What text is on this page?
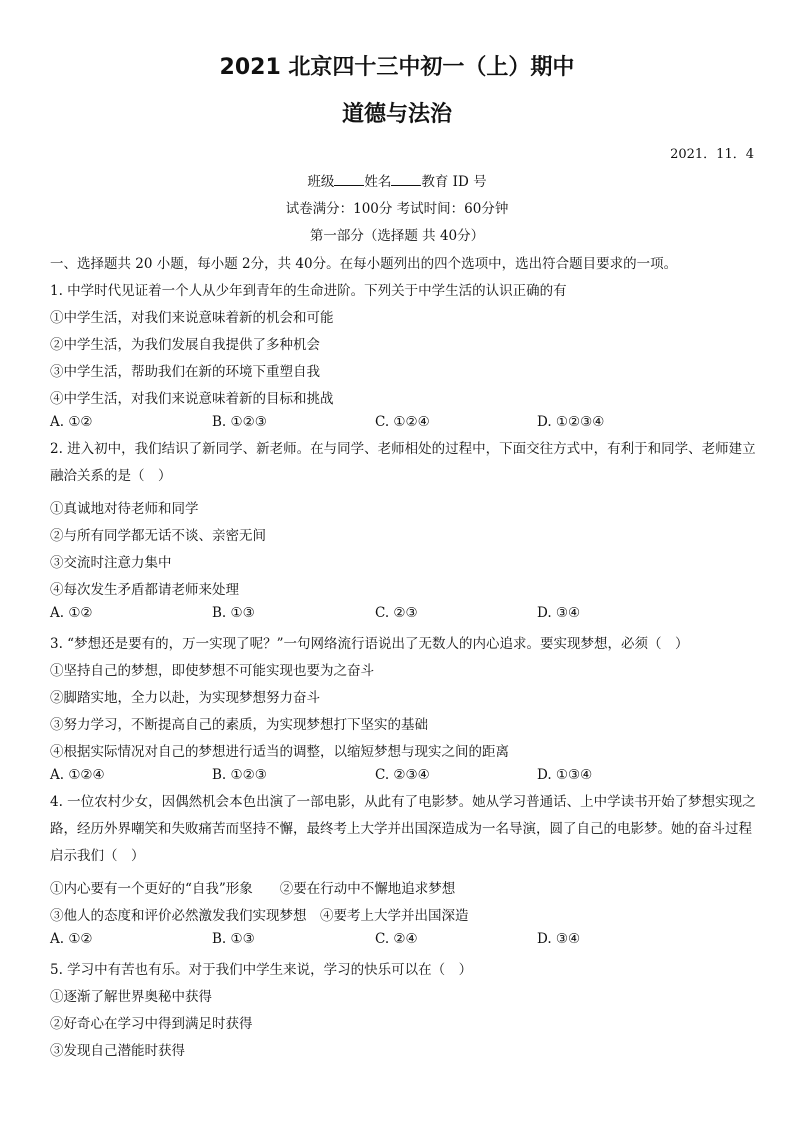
2021 北京四十三中初一（上）期中
道德与法治
2021．11．4
班级 姓名 教育 ID 号
试卷满分：100分 考试时间：60分钟
第一部分（选择题 共 40分）
一、选择题共 20 小题，每小题 2分，共 40分。在每小题列出的四个选项中，选出符合题目要求的一项。
1. 中学时代见证着一个人从少年到青年的生命进阶。下列关于中学生活的认识正确的有
①中学生活，对我们来说意味着新的机会和可能
②中学生活，为我们发展自我提供了多种机会
③中学生活，帮助我们在新的环境下重塑自我
④中学生活，对我们来说意味着新的目标和挑战
A. ①②	B. ①②③	C. ①②④	D. ①②③④
2. 进入初中，我们结识了新同学、新老师。在与同学、老师相处的过程中，下面交往方式中，有利于和同学、老师建立融洽关系的是（　）
①真诚地对待老师和同学
②与所有同学都无话不谈、亲密无间
③交流时注意力集中
④每次发生矛盾都请老师来处理
A. ①②	B. ①③	C. ②③	D. ③④
3. “梦想还是要有的，万一实现了呢？”一句网络流行语说出了无数人的内心追求。要实现梦想，必须（　）
①坚持自己的梦想，即使梦想不可能实现也要为之奋斗
②脚踏实地，全力以赴，为实现梦想努力奋斗
③努力学习，不断提高自己的素质，为实现梦想打下坚实的基础
④根据实际情况对自己的梦想进行适当的调整，以缩短梦想与现实之间的距离
A. ①②④	B. ①②③	C. ②③④	D. ①③④
4. 一位农村少女，因偶然机会本色出演了一部电影，从此有了电影梦。她从学习普通话、上中学读书开始了梦想实现之路，经历外界嘲笑和失败痛苦而坚持不懈，最终考上大学并出国深造成为一名导演，圆了自己的电影梦。她的奋斗过程启示我们（　）
①内心要有一个更好的“自我”形象　　②要在行动中不懈地追求梦想
③他人的态度和评价必然激发我们实现梦想　④要考上大学并出国深造
A. ①②	B. ①③	C. ②④	D. ③④
5. 学习中有苦也有乐。对于我们中学生来说，学习的快乐可以在（　）
①逐渐了解世界奥秘中获得
②好奇心在学习中得到满足时获得
③发现自己潜能时获得
